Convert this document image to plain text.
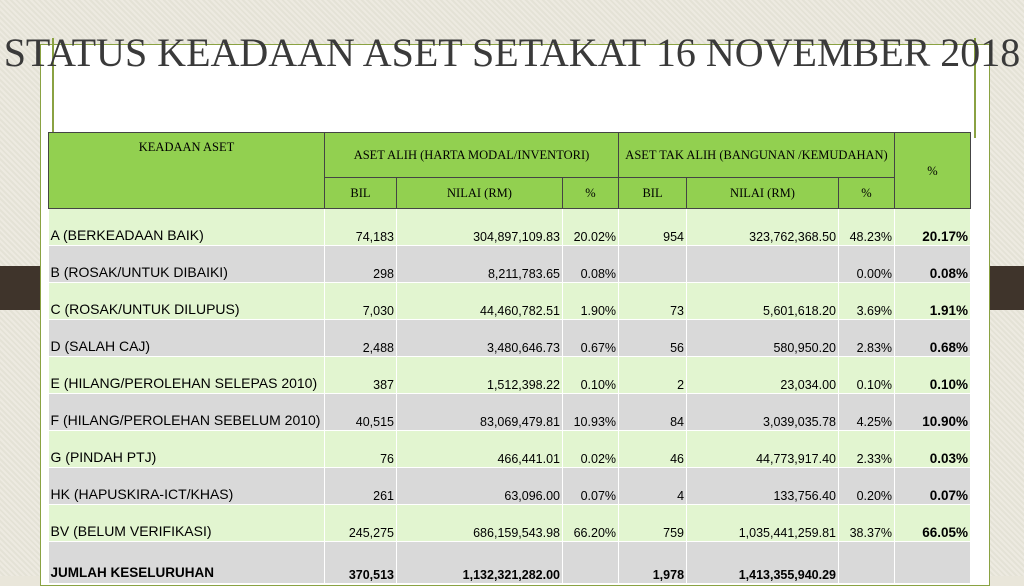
STATUS KEADAAN ASET SETAKAT 16 NOVEMBER 2018
KEADAAN ASET	ASET ALIH (HARTA MODAL/INVENTORI)			ASET TAK ALIH (BANGUNAN /KEMUDAHAN)			%
	BIL	NILAI (RM)	%	BIL	NILAI (RM)	%	
A (BERKEADAAN BAIK)	74,183	304,897,109.83	20.02%	954	323,762,368.50	48.23%	20.17%
B (ROSAK/UNTUK DIBAIKI)	298	8,211,783.65	0.08%			0.00%	0.08%
C (ROSAK/UNTUK DILUPUS)	7,030	44,460,782.51	1.90%	73	5,601,618.20	3.69%	1.91%
D (SALAH CAJ)	2,488	3,480,646.73	0.67%	56	580,950.20	2.83%	0.68%
E (HILANG/PEROLEHAN SELEPAS 2010)	387	1,512,398.22	0.10%	2	23,034.00	0.10%	0.10%
F (HILANG/PEROLEHAN SEBELUM 2010)	40,515	83,069,479.81	10.93%	84	3,039,035.78	4.25%	10.90%
G (PINDAH PTJ)	76	466,441.01	0.02%	46	44,773,917.40	2.33%	0.03%
HK (HAPUSKIRA-ICT/KHAS)	261	63,096.00	0.07%	4	133,756.40	0.20%	0.07%
BV (BELUM VERIFIKASI)	245,275	686,159,543.98	66.20%	759	1,035,441,259.81	38.37%	66.05%
JUMLAH KESELURUHAN	370,513	1,132,321,282.00		1,978	1,413,355,940.29		
